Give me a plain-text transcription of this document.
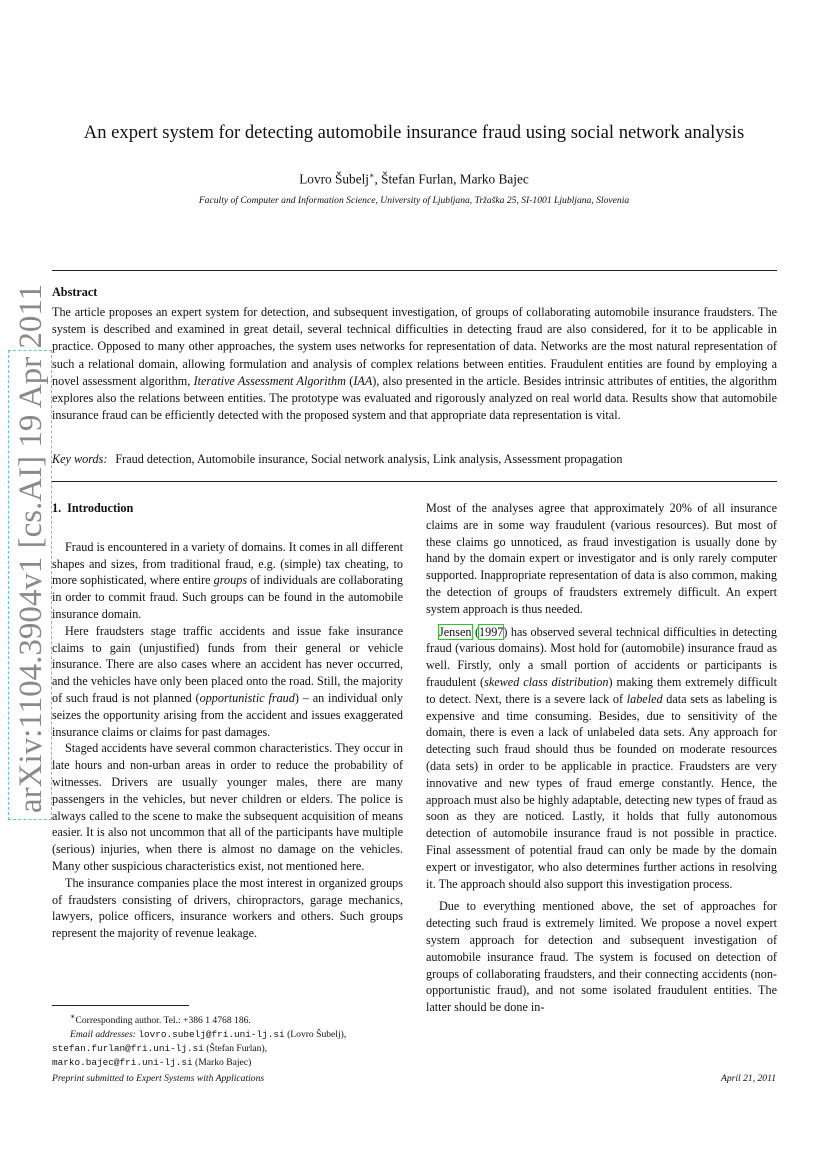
arXiv:1104.3904v1 [cs.AI] 19 Apr 2011
An expert system for detecting automobile insurance fraud using social network analysis
Lovro Šubelj∗, Štefan Furlan, Marko Bajec
Faculty of Computer and Information Science, University of Ljubljana, Tržaška 25, SI-1001 Ljubljana, Slovenia
Abstract
The article proposes an expert system for detection, and subsequent investigation, of groups of collaborating automobile insurance fraudsters. The system is described and examined in great detail, several technical difficulties in detecting fraud are also considered, for it to be applicable in practice. Opposed to many other approaches, the system uses networks for representation of data. Networks are the most natural representation of such a relational domain, allowing formulation and analysis of complex relations between entities. Fraudulent entities are found by employing a novel assessment algorithm, Iterative Assessment Algorithm (IAA), also presented in the article. Besides intrinsic attributes of entities, the algorithm explores also the relations between entities. The prototype was evaluated and rigorously analyzed on real world data. Results show that automobile insurance fraud can be efficiently detected with the proposed system and that appropriate data representation is vital.
Key words: Fraud detection, Automobile insurance, Social network analysis, Link analysis, Assessment propagation
1. Introduction

Fraud is encountered in a variety of domains. It comes in all different shapes and sizes, from traditional fraud, e.g. (simple) tax cheating, to more sophisticated, where entire groups of individuals are collaborating in order to commit fraud. Such groups can be found in the automobile insurance domain.

Here fraudsters stage traffic accidents and issue fake insurance claims to gain (unjustified) funds from their general or vehicle insurance. There are also cases where an accident has never occurred, and the vehicles have only been placed onto the road. Still, the majority of such fraud is not planned (opportunistic fraud) – an individual only seizes the opportunity arising from the accident and issues exaggerated insurance claims or claims for past damages.

Staged accidents have several common characteristics. They occur in late hours and non-urban areas in order to reduce the probability of witnesses. Drivers are usually younger males, there are many passengers in the vehicles, but never children or elders. The police is always called to the scene to make the subsequent acquisition of means easier. It is also not uncommon that all of the participants have multiple (serious) injuries, when there is almost no damage on the vehicles. Many other suspicious characteristics exist, not mentioned here.

The insurance companies place the most interest in organized groups of fraudsters consisting of drivers, chiropractors, garage mechanics, lawyers, police officers, insurance workers and others. Such groups represent the majority of revenue leakage.

Most of the analyses agree that approximately 20% of all insurance claims are in some way fraudulent (various resources). But most of these claims go unnoticed, as fraud investigation is usually done by hand by the domain expert or investigator and is only rarely computer supported. Inappropriate representation of data is also common, making the detection of groups of fraudsters extremely difficult. An expert system approach is thus needed.

Jensen (1997) has observed several technical difficulties in detecting fraud (various domains). Most hold for (automobile) insurance fraud as well. Firstly, only a small portion of accidents or participants is fraudulent (skewed class distribution) making them extremely difficult to detect. Next, there is a severe lack of labeled data sets as labeling is expensive and time consuming. Besides, due to sensitivity of the domain, there is even a lack of unlabeled data sets. Any approach for detecting such fraud should thus be founded on moderate resources (data sets) in order to be applicable in practice. Fraudsters are very innovative and new types of fraud emerge constantly. Hence, the approach must also be highly adaptable, detecting new types of fraud as soon as they are noticed. Lastly, it holds that fully autonomous detection of automobile insurance fraud is not possible in practice. Final assessment of potential fraud can only be made by the domain expert or investigator, who also determines further actions in resolving it. The approach should also support this investigation process.

Due to everything mentioned above, the set of approaches for detecting such fraud is extremely limited. We propose a novel expert system approach for detection and subsequent investigation of automobile insurance fraud. The system is focused on detection of groups of collaborating fraudsters, and their connecting accidents (non-opportunistic fraud), and not some isolated fraudulent entities. The latter should be done in-

∗Corresponding author. Tel.: +386 1 4768 186.
Email addresses: lovro.subelj@fri.uni-lj.si (Lovro Šubelj),
stefan.furlan@fri.uni-lj.si (Štefan Furlan),
marko.bajec@fri.uni-lj.si (Marko Bajec)
Preprint submitted to Expert Systems with Applications	April 21, 2011
